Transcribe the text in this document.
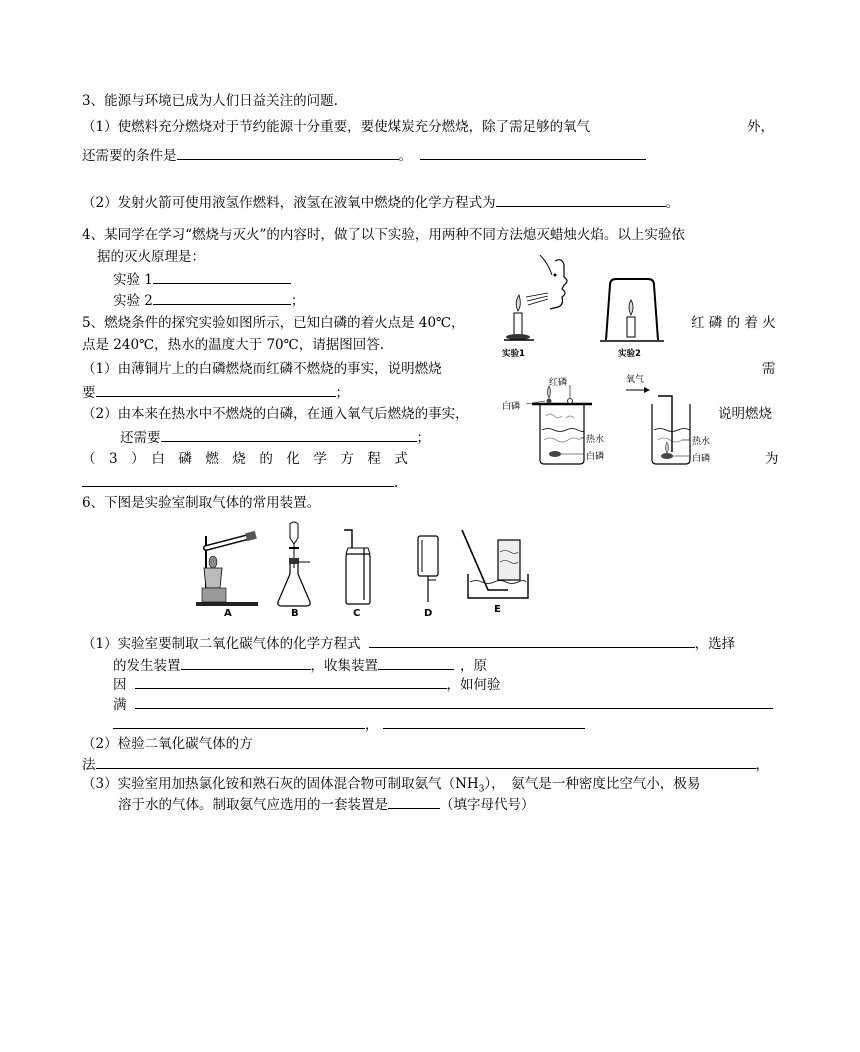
3、能源与环境已成为人们日益关注的问题.
（1）使燃料充分燃烧对于节约能源十分重要，要使煤炭充分燃烧，除了需足够的氧气	外，
还需要的条件是	。
（2）发射火箭可使用液氢作燃料，液氢在液氧中燃烧的化学方程式为	。
4、某同学在学习“燃烧与灭火”的内容时，做了以下实验，用两种不同方法熄灭蜡烛火焰。以上实验依
据的灭火原理是：
实验 1
实验 2	；
实验1	实验2
5、燃烧条件的探究实验如图所示，已知白磷的着火点是 40℃，	红 磷 的 着 火
点是 240℃，热水的温度大于 70℃，请据图回答.
（1）由薄铜片上的白磷燃烧而红磷不燃烧的事实，说明燃烧	需
要	；
（2）由本来在热水中不燃烧的白磷，在通入氧气后燃烧的事实，	说明燃烧
还需要	；
（　3　）　白　磷　燃　烧　的　化　学　方　程　式	为
.
红磷
白磷
热水
白磷
氧气
热水
白磷
6、下图是实验室制取气体的常用装置。
A	B	C	D	E
（1）实验室要制取二氧化碳气体的化学方程式	，选择
的发生装置	，收集装置	，原
因	，如何验
满
，
（2）检验二氧化碳气体的方
法	，
（3）实验室用加热氯化铵和熟石灰的固体混合物可制取氨气$(NH_3)$，　氨气是一种密度比空气小，极易
溶于水的气体。制取氨气应选用的一套装置是	（填字母代号）
